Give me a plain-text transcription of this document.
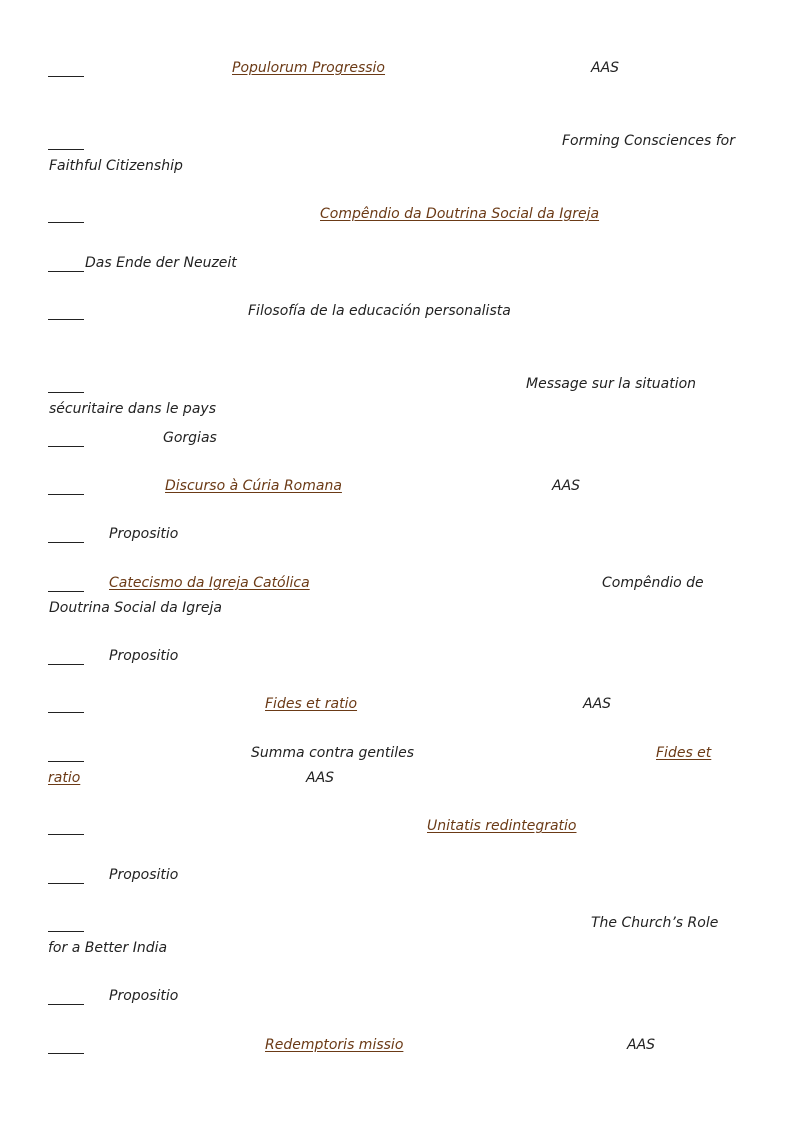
Populorum Progressio	AAS
Forming Consciences for
Faithful Citizenship
Compêndio da Doutrina Social da Igreja
Das Ende der Neuzeit
Filosofía de la educación personalista
Message sur la situation
sécuritaire dans le pays
Gorgias
Discurso à Cúria Romana	AAS
Propositio
Catecismo da Igreja Católica	Compêndio de
Doutrina Social da Igreja
Propositio
Fides et ratio	AAS
Summa contra gentiles	Fides et
ratio	AAS
Unitatis redintegratio
Propositio
The Church’s Role
for a Better India
Propositio
Redemptoris missio	AAS
